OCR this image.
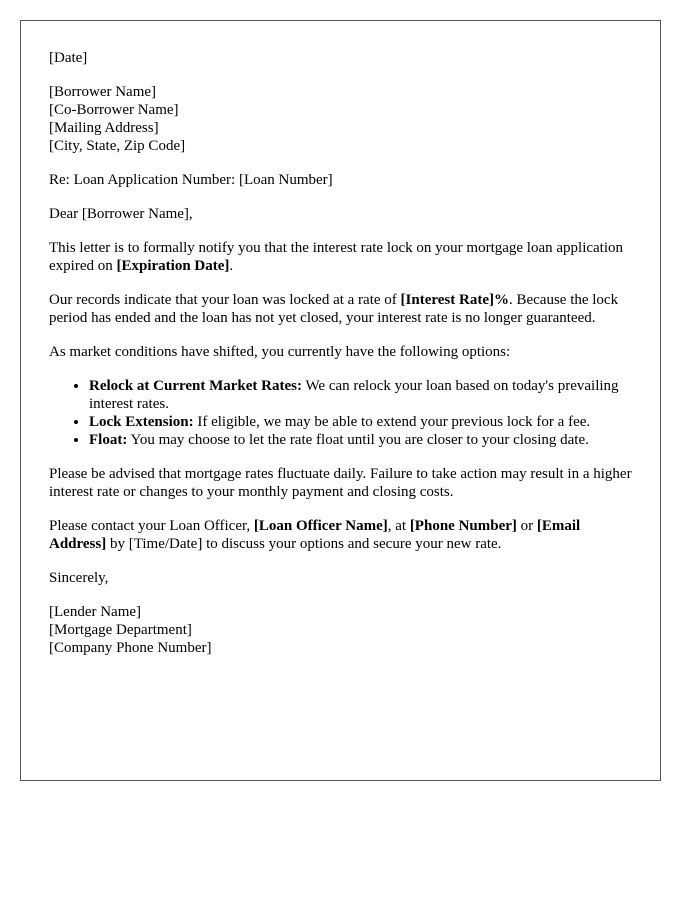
[Date]

[Borrower Name]
[Co-Borrower Name]
[Mailing Address]
[City, State, Zip Code]

Re: Loan Application Number: [Loan Number]

Dear [Borrower Name],

This letter is to formally notify you that the interest rate lock on your mortgage loan application expired on [Expiration Date].

Our records indicate that your loan was locked at a rate of [Interest Rate]%. Because the lock period has ended and the loan has not yet closed, your interest rate is no longer guaranteed.

As market conditions have shifted, you currently have the following options:

• Relock at Current Market Rates: We can relock your loan based on today's prevailing interest rates.
• Lock Extension: If eligible, we may be able to extend your previous lock for a fee.
• Float: You may choose to let the rate float until you are closer to your closing date.

Please be advised that mortgage rates fluctuate daily. Failure to take action may result in a higher interest rate or changes to your monthly payment and closing costs.

Please contact your Loan Officer, [Loan Officer Name], at [Phone Number] or [Email Address] by [Time/Date] to discuss your options and secure your new rate.

Sincerely,

[Lender Name]
[Mortgage Department]
[Company Phone Number]
